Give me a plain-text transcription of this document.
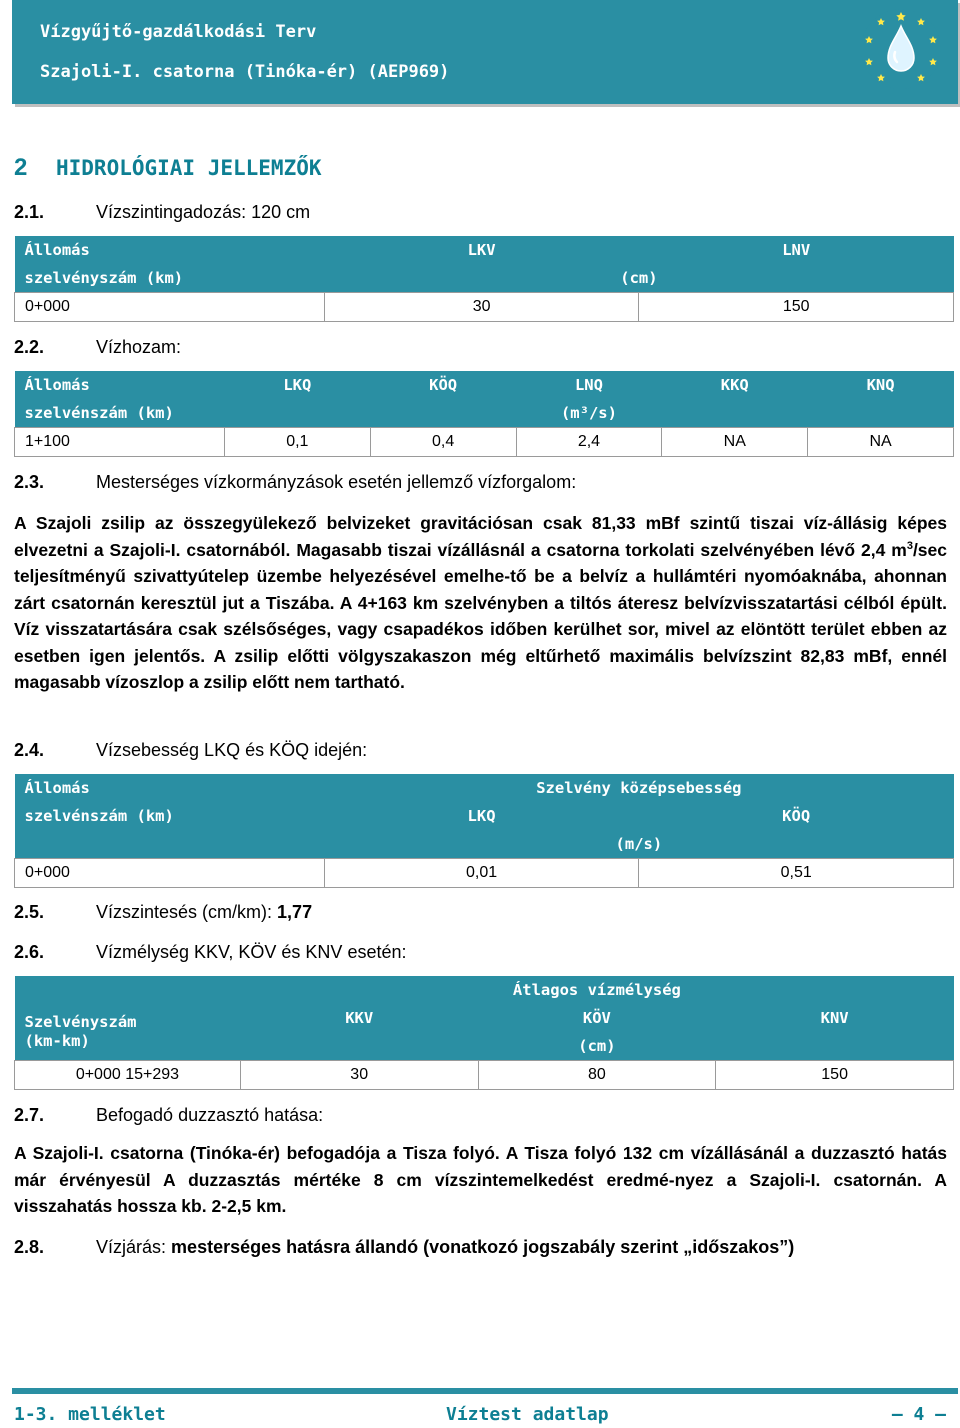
Vízgyűjtő-gazdálkodási Terv
Szajoli-I. csatorna (Tinóka-ér) (AEP969)
2 HIDROLÓGIAI JELLEMZŐK
2.1.	Vízszintingadozás: 120 cm
Állomás	LKV	LNV
szelvényszám (km)	(cm)	
0+000	30	150
2.2.	Vízhozam:
Állomás	LKQ	KÖQ	LNQ	KKQ	KNQ
szelvénszám (km)	(m³/s)				
1+100	0,1	0,4	2,4	NA	NA
2.3.	Mesterséges vízkormányzások esetén jellemző vízforgalom:

A Szajoli zsilip az összegyülekező belvizeket gravitációsan csak 81,33 mBf szintű tiszai víz-állásig képes elvezetni a Szajoli-I. csatornából. Magasabb tiszai vízállásnál a csatorna torkolati szelvényében lévő 2,4 $m^3/\sec$ teljesítményű szivattyútelep üzembe helyezésével emelhe-tő be a belvíz a hullámtéri nyomóaknába, ahonnan zárt csatornán keresztül jut a Tiszába. A 4+163 km szelvényben a tiltós áteresz belvízvisszatartási célból épült. Víz visszatartására csak szélsőséges, vagy csapadékos időben kerülhet sor, mivel az elöntött terület ebben az esetben igen jelentős. A zsilip előtti völgyszakaszon még eltűrhető maximális belvízszint 82,83 mBf, ennél magasabb vízoszlop a zsilip előtt nem tartható.

2.4.	Vízsebesség LKQ és KÖQ idején:
Állomás	Szelvény középsebesség	
szelvénszám (km)	LKQ	KÖQ
	(m/s)	
0+000	0,01	0,51
2.5.	Vízszintesés (cm/km): 1,77
2.6.	Vízmélység KKV, KÖV és KNV esetén:
	Átlagos vízmélység		
Szelvényszám
(km-km)	KKV	KÖV	KNV
	(cm)		
0+000 15+293	30	80	150
2.7.	Befogadó duzzasztó hatása:

A Szajoli-I. csatorna (Tinóka-ér) befogadója a Tisza folyó. A Tisza folyó 132 cm vízállásánál a duzzasztó hatás már érvényesül A duzzasztás mértéke 8 cm vízszintemelkedést eredmé-nyez a Szajoli-I. csatornán. A visszahatás hossza kb. 2-2,5 km.

2.8.	Vízjárás: mesterséges hatásra állandó (vonatkozó jogszabály szerint „időszakos”)
1-3. melléklet	Víztest adatlap	– 4 –
